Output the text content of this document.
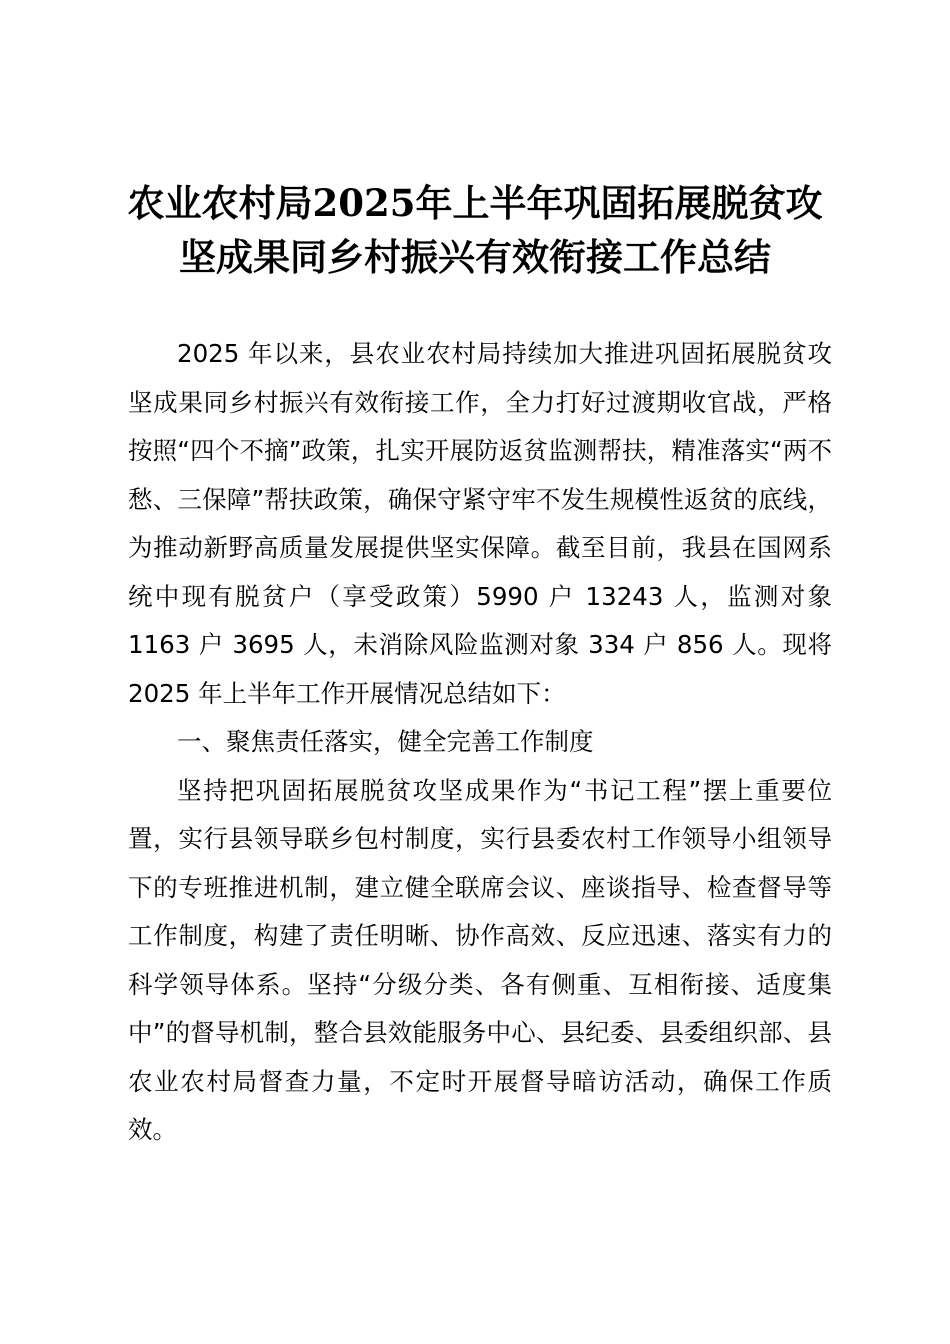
农业农村局2025年上半年巩固拓展脱贫攻坚成果同乡村振兴有效衔接工作总结

2025 年以来，县农业农村局持续加大推进巩固拓展脱贫攻坚成果同乡村振兴有效衔接工作，全力打好过渡期收官战，严格按照“四个不摘”政策，扎实开展防返贫监测帮扶，精准落实“两不愁、三保障”帮扶政策，确保守紧守牢不发生规模性返贫的底线，为推动新野高质量发展提供坚实保障。截至目前，我县在国网系统中现有脱贫户（享受政策）5990 户 13243 人，监测对象 1163 户 3695 人，未消除风险监测对象 334 户 856 人。现将 2025 年上半年工作开展情况总结如下：

一、聚焦责任落实，健全完善工作制度

坚持把巩固拓展脱贫攻坚成果作为“书记工程”摆上重要位置，实行县领导联乡包村制度，实行县委农村工作领导小组领导下的专班推进机制，建立健全联席会议、座谈指导、检查督导等工作制度，构建了责任明晰、协作高效、反应迅速、落实有力的科学领导体系。坚持“分级分类、各有侧重、互相衔接、适度集中”的督导机制，整合县效能服务中心、县纪委、县委组织部、县农业农村局督查力量，不定时开展督导暗访活动，确保工作质效。
